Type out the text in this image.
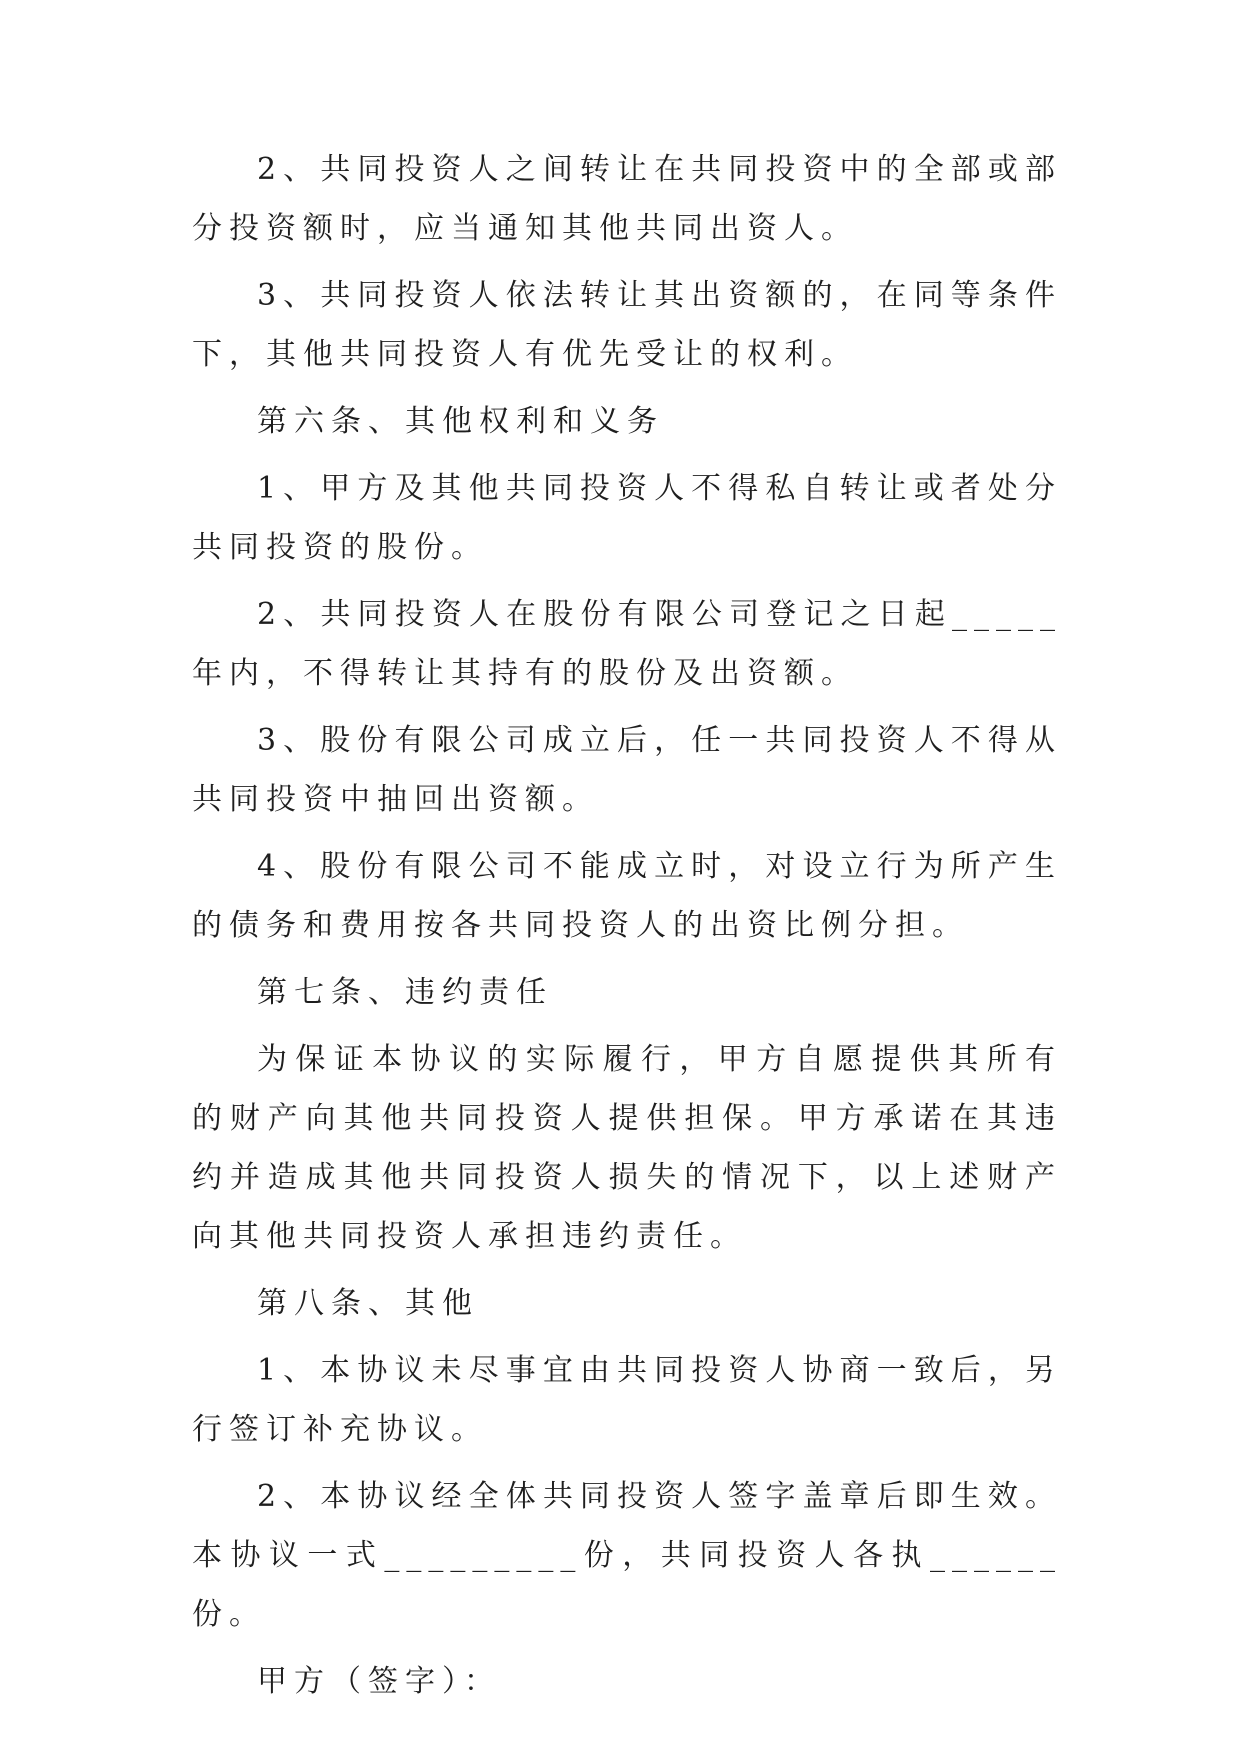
2、共同投资人之间转让在共同投资中的全部或部分投资额时，应当通知其他共同出资人。

3、共同投资人依法转让其出资额的，在同等条件下，其他共同投资人有优先受让的权利。

第六条、其他权利和义务

1、甲方及其他共同投资人不得私自转让或者处分共同投资的股份。

2、共同投资人在股份有限公司登记之日起_____年内，不得转让其持有的股份及出资额。

3、股份有限公司成立后，任一共同投资人不得从共同投资中抽回出资额。

4、股份有限公司不能成立时，对设立行为所产生的债务和费用按各共同投资人的出资比例分担。

第七条、违约责任

为保证本协议的实际履行，甲方自愿提供其所有的财产向其他共同投资人提供担保。甲方承诺在其违约并造成其他共同投资人损失的情况下，以上述财产向其他共同投资人承担违约责任。

第八条、其他

1、本协议未尽事宜由共同投资人协商一致后，另行签订补充协议。

2、本协议经全体共同投资人签字盖章后即生效。本协议一式_________份，共同投资人各执______份。

甲方（签字）：
